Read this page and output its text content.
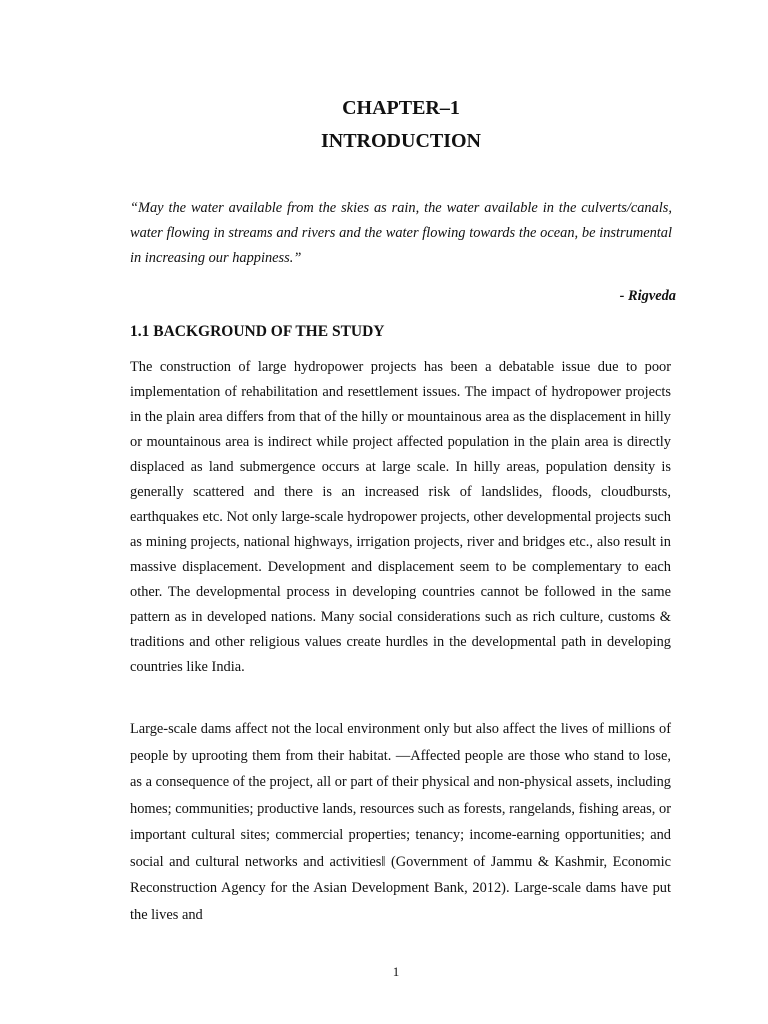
CHAPTER–1
INTRODUCTION
“May the water available from the skies as rain, the water available in the culverts/canals, water flowing in streams and rivers and the water flowing towards the ocean, be instrumental in increasing our happiness.”
- Rigveda
1.1 BACKGROUND OF THE STUDY
The construction of large hydropower projects has been a debatable issue due to poor implementation of rehabilitation and resettlement issues. The impact of hydropower projects in the plain area differs from that of the hilly or mountainous area as the displacement in hilly or mountainous area is indirect while project affected population in the plain area is directly displaced as land submergence occurs at large scale. In hilly areas, population density is generally scattered and there is an increased risk of landslides, floods, cloudbursts, earthquakes etc. Not only large-scale hydropower projects, other developmental projects such as mining projects, national highways, irrigation projects, river and bridges etc., also result in massive displacement. Development and displacement seem to be complementary to each other. The developmental process in developing countries cannot be followed in the same pattern as in developed nations. Many social considerations such as rich culture, customs & traditions and other religious values create hurdles in the developmental path in developing countries like India.
Large-scale dams affect not the local environment only but also affect the lives of millions of people by uprooting them from their habitat. ―Affected people are those who stand to lose, as a consequence of the project, all or part of their physical and non-physical assets, including homes; communities; productive lands, resources such as forests, rangelands, fishing areas, or important cultural sites; commercial properties; tenancy; income-earning opportunities; and social and cultural networks and activities‖ (Government of Jammu & Kashmir, Economic Reconstruction Agency for the Asian Development Bank, 2012). Large-scale dams have put the lives and
1
